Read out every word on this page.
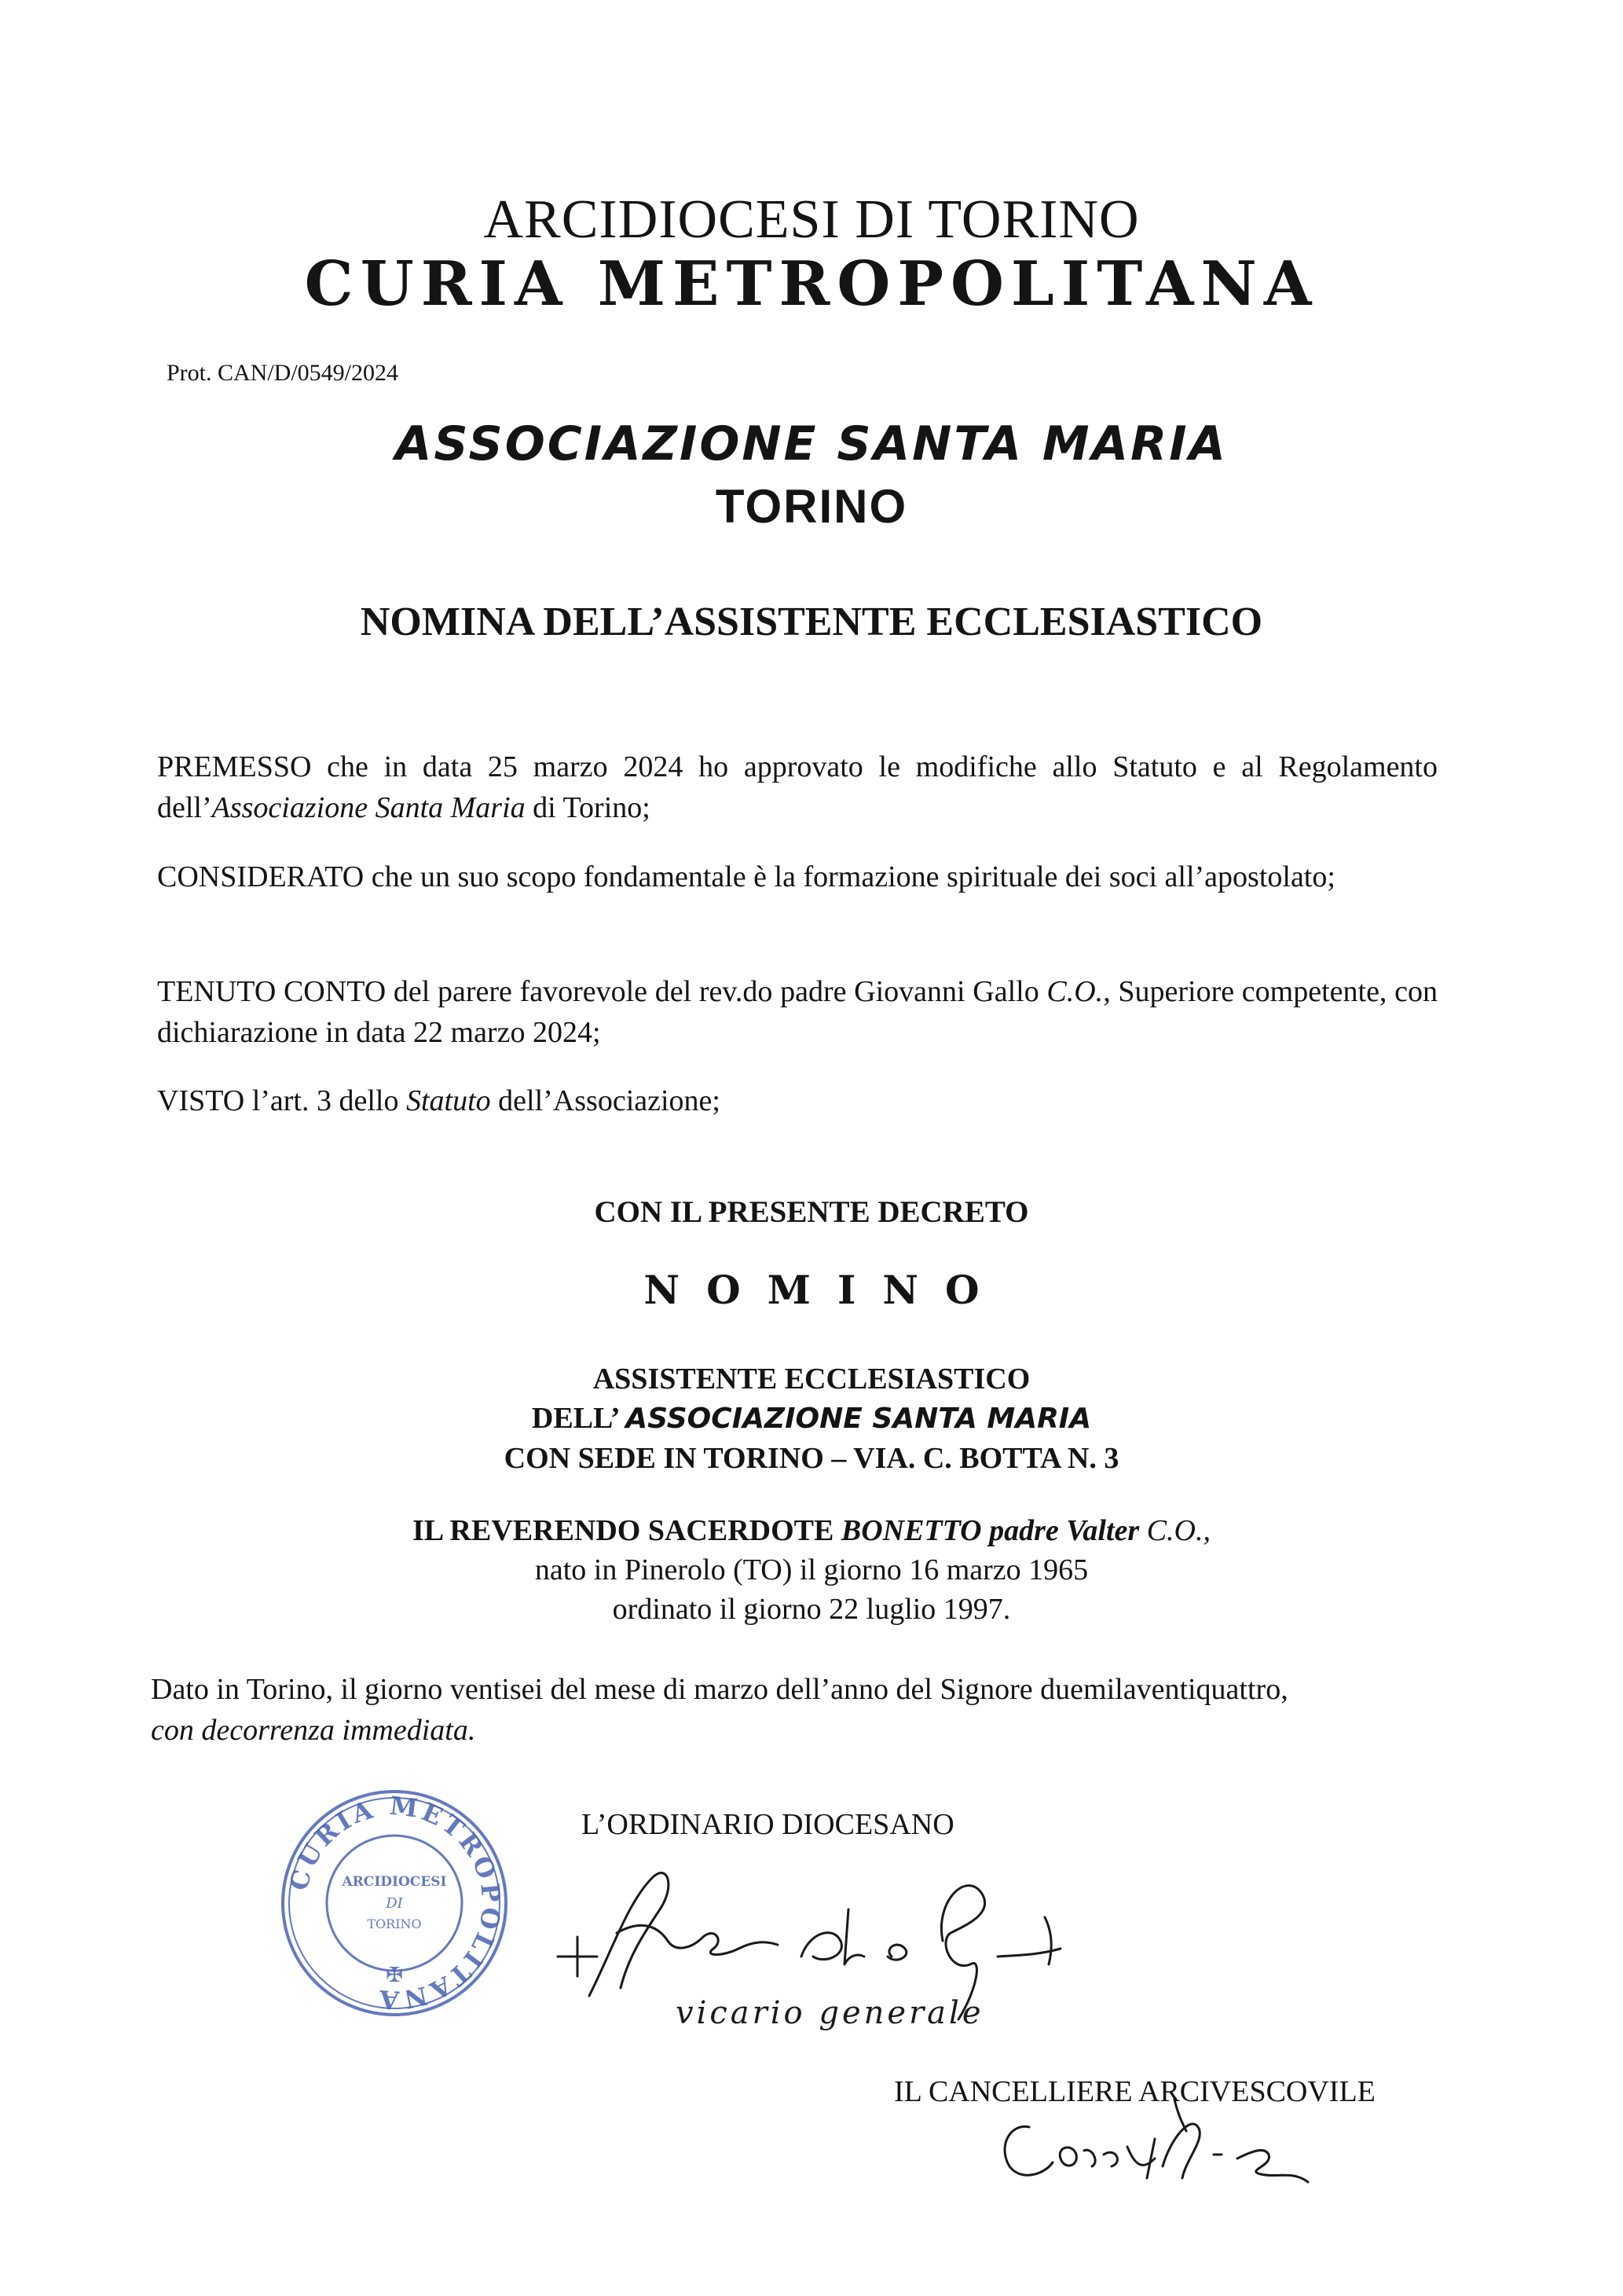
ARCIDIOCESI DI TORINO
CURIA METROPOLITANA
Prot. CAN/D/0549/2024
ASSOCIAZIONE SANTA MARIA
TORINO
NOMINA DELL’ASSISTENTE ECCLESIASTICO

PREMESSO che in data 25 marzo 2024 ho approvato le modifiche allo Statuto e al Regolamento dell’Associazione Santa Maria di Torino;

CONSIDERATO che un suo scopo fondamentale è la formazione spirituale dei soci all’apostolato;

TENUTO CONTO del parere favorevole del rev.do padre Giovanni Gallo C.O., Superiore competente, con dichiarazione in data 22 marzo 2024;

VISTO l’art. 3 dello Statuto dell’Associazione;

CON IL PRESENTE DECRETO
NOMINO
ASSISTENTE ECCLESIASTICO
DELL’ ASSOCIAZIONE SANTA MARIA
CON SEDE IN TORINO – VIA. C. BOTTA N. 3
IL REVERENDO SACERDOTE BONETTO padre Valter C.O.,
nato in Pinerolo (TO) il giorno 16 marzo 1965
ordinato il giorno 22 luglio 1997.
Dato in Torino, il giorno ventisei del mese di marzo dell’anno del Signore duemilaventiquattro,
con decorrenza immediata.
L’ORDINARIO DIOCESANO
CURIA METROPOLITANA
✠
ARCIDIOCESI
DI
TORINO
vicario generale
IL CANCELLIERE ARCIVESCOVILE
